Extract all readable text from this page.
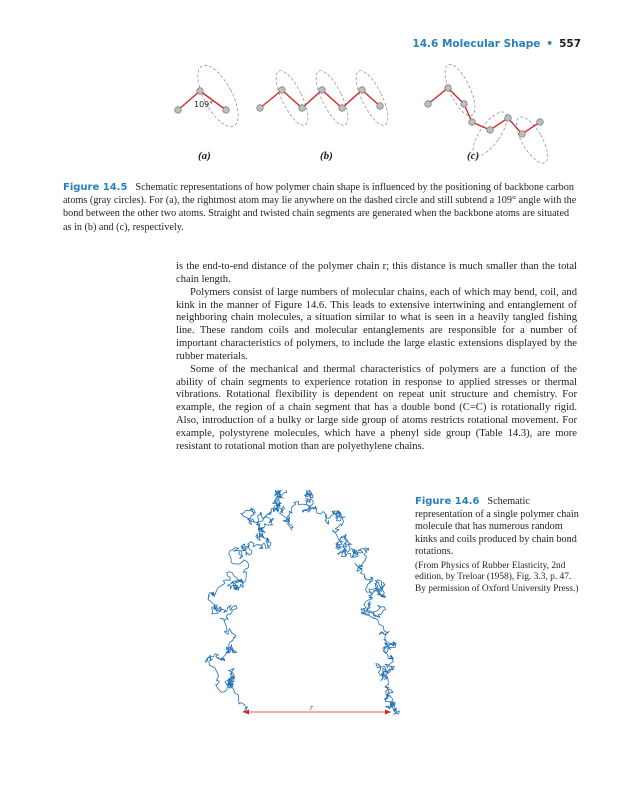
14.6 Molecular Shape • 557
109°
(a)	(b)	(c)
Figure 14.5 Schematic representations of how polymer chain shape is influenced by the positioning of backbone carbon atoms (gray circles). For (a), the rightmost atom may lie anywhere on the dashed circle and still subtend a 109° angle with the bond between the other two atoms. Straight and twisted chain segments are generated when the backbone atoms are situated as in (b) and (c), respectively.

is the end-to-end distance of the polymer chain r; this distance is much smaller than the total chain length.

Polymers consist of large numbers of molecular chains, each of which may bend, coil, and kink in the manner of Figure 14.6. This leads to extensive intertwining and entanglement of neighboring chain molecules, a situation similar to what is seen in a heavily tangled fishing line. These random coils and molecular entanglements are responsible for a number of important characteristics of polymers, to include the large elastic extensions displayed by the rubber materials.

Some of the mechanical and thermal characteristics of polymers are a function of the ability of chain segments to experience rotation in response to applied stresses or thermal vibrations. Rotational flexibility is dependent on repeat unit structure and chemistry. For example, the region of a chain segment that has a double bond (C=C) is rotationally rigid. Also, introduction of a bulky or large side group of atoms restricts rotational movement. For example, polystyrene molecules, which have a phenyl side group (Table 14.3), are more resistant to rotational motion than are polyethylene chains.

r
Figure 14.6 Schematic representation of a single polymer chain molecule that has numerous random kinks and coils produced by chain bond rotations.
(From Physics of Rubber Elasticity, 2nd edition, by Treloar (1958), Fig. 3.3, p. 47. By permission of Oxford University Press.)
